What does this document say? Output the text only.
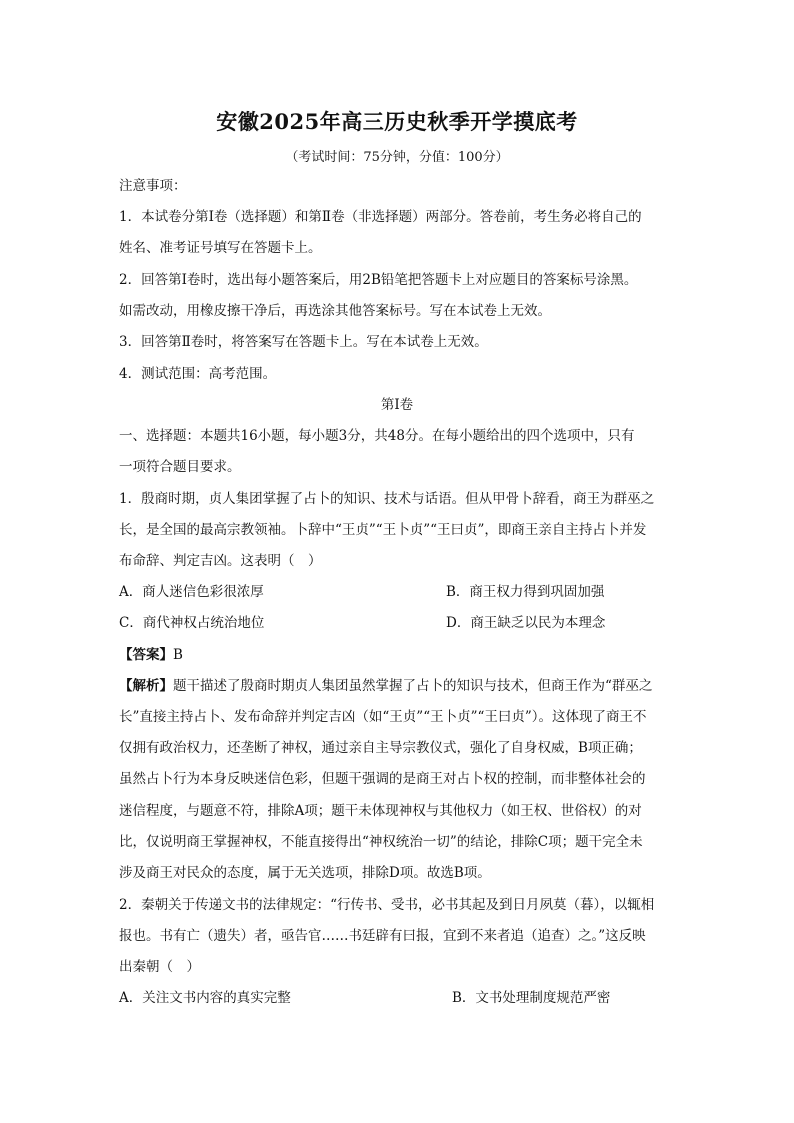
安徽2025年高三历史秋季开学摸底考
（考试时间：75分钟，分值：100分）
注意事项：
1．本试卷分第Ⅰ卷（选择题）和第Ⅱ卷（非选择题）两部分。答卷前，考生务必将自己的
姓名、准考证号填写在答题卡上。
2．回答第Ⅰ卷时，选出每小题答案后，用2B铅笔把答题卡上对应题目的答案标号涂黑。
如需改动，用橡皮擦干净后，再选涂其他答案标号。写在本试卷上无效。
3．回答第Ⅱ卷时，将答案写在答题卡上。写在本试卷上无效。
4．测试范围：高考范围。
第Ⅰ卷
一、选择题：本题共16小题，每小题3分，共48分。在每小题给出的四个选项中，只有
一项符合题目要求。
1．殷商时期，贞人集团掌握了占卜的知识、技术与话语。但从甲骨卜辞看，商王为群巫之
长，是全国的最高宗教领袖。卜辞中“王贞”“王卜贞”“王曰贞”，即商王亲自主持占卜并发
布命辞、判定吉凶。这表明（　）
A．商人迷信色彩很浓厚	B．商王权力得到巩固加强
C．商代神权占统治地位	D．商王缺乏以民为本理念
【答案】B
【解析】题干描述了殷商时期贞人集团虽然掌握了占卜的知识与技术，但商王作为“群巫之
长”直接主持占卜、发布命辞并判定吉凶（如“王贞”“王卜贞”“王曰贞”）。这体现了商王不
仅拥有政治权力，还垄断了神权，通过亲自主导宗教仪式，强化了自身权威，B项正确；
虽然占卜行为本身反映迷信色彩，但题干强调的是商王对占卜权的控制，而非整体社会的
迷信程度，与题意不符，排除A项；题干未体现神权与其他权力（如王权、世俗权）的对
比，仅说明商王掌握神权，不能直接得出“神权统治一切”的结论，排除C项；题干完全未
涉及商王对民众的态度，属于无关选项，排除D项。故选B项。
2．秦朝关于传递文书的法律规定：“行传书、受书，必书其起及到日月夙莫（暮），以辄相
报也。书有亡（遗失）者，亟告官……书廷辟有曰报，宜到不来者追（追查）之。”这反映
出秦朝（　）
A．关注文书内容的真实完整	B．文书处理制度规范严密
